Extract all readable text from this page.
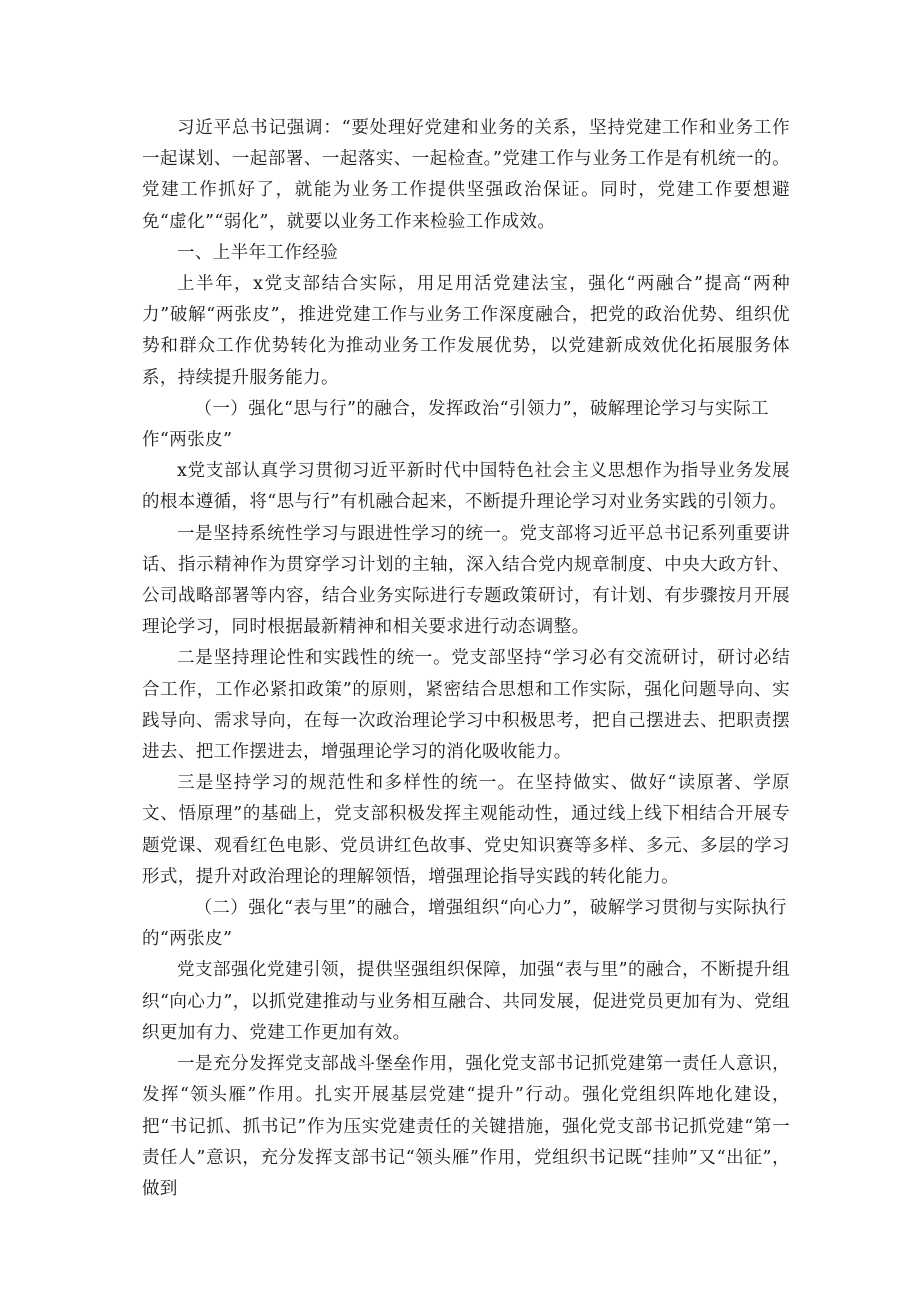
习近平总书记强调：“要处理好党建和业务的关系，坚持党建工作和业务工作一起谋划、一起部署、一起落实、一起检查。”党建工作与业务工作是有机统一的。党建工作抓好了，就能为业务工作提供坚强政治保证。同时，党建工作要想避免“虚化”“弱化”，就要以业务工作来检验工作成效。

一、上半年工作经验

上半年，x党支部结合实际，用足用活党建法宝，强化“两融合”提高“两种力”破解“两张皮”，推进党建工作与业务工作深度融合，把党的政治优势、组织优势和群众工作优势转化为推动业务工作发展优势，以党建新成效优化拓展服务体系，持续提升服务能力。

（一）强化“思与行”的融合，发挥政治“引领力”，破解理论学习与实际工作“两张皮”

x党支部认真学习贯彻习近平新时代中国特色社会主义思想作为指导业务发展的根本遵循，将“思与行”有机融合起来，不断提升理论学习对业务实践的引领力。

一是坚持系统性学习与跟进性学习的统一。党支部将习近平总书记系列重要讲话、指示精神作为贯穿学习计划的主轴，深入结合党内规章制度、中央大政方针、公司战略部署等内容，结合业务实际进行专题政策研讨，有计划、有步骤按月开展理论学习，同时根据最新精神和相关要求进行动态调整。

二是坚持理论性和实践性的统一。党支部坚持“学习必有交流研讨，研讨必结合工作，工作必紧扣政策”的原则，紧密结合思想和工作实际，强化问题导向、实践导向、需求导向，在每一次政治理论学习中积极思考，把自己摆进去、把职责摆进去、把工作摆进去，增强理论学习的消化吸收能力。

三是坚持学习的规范性和多样性的统一。在坚持做实、做好“读原著、学原文、悟原理”的基础上，党支部积极发挥主观能动性，通过线上线下相结合开展专题党课、观看红色电影、党员讲红色故事、党史知识赛等多样、多元、多层的学习形式，提升对政治理论的理解领悟，增强理论指导实践的转化能力。

（二）强化“表与里”的融合，增强组织“向心力”，破解学习贯彻与实际执行的“两张皮”

党支部强化党建引领，提供坚强组织保障，加强“表与里”的融合，不断提升组织“向心力”，以抓党建推动与业务相互融合、共同发展，促进党员更加有为、党组织更加有力、党建工作更加有效。

一是充分发挥党支部战斗堡垒作用，强化党支部书记抓党建第一责任人意识，发挥“领头雁”作用。扎实开展基层党建“提升”行动。强化党组织阵地化建设，把“书记抓、抓书记”作为压实党建责任的关键措施，强化党支部书记抓党建“第一责任人”意识，充分发挥支部书记“领头雁”作用，党组织书记既“挂帅”又“出征”，做到
